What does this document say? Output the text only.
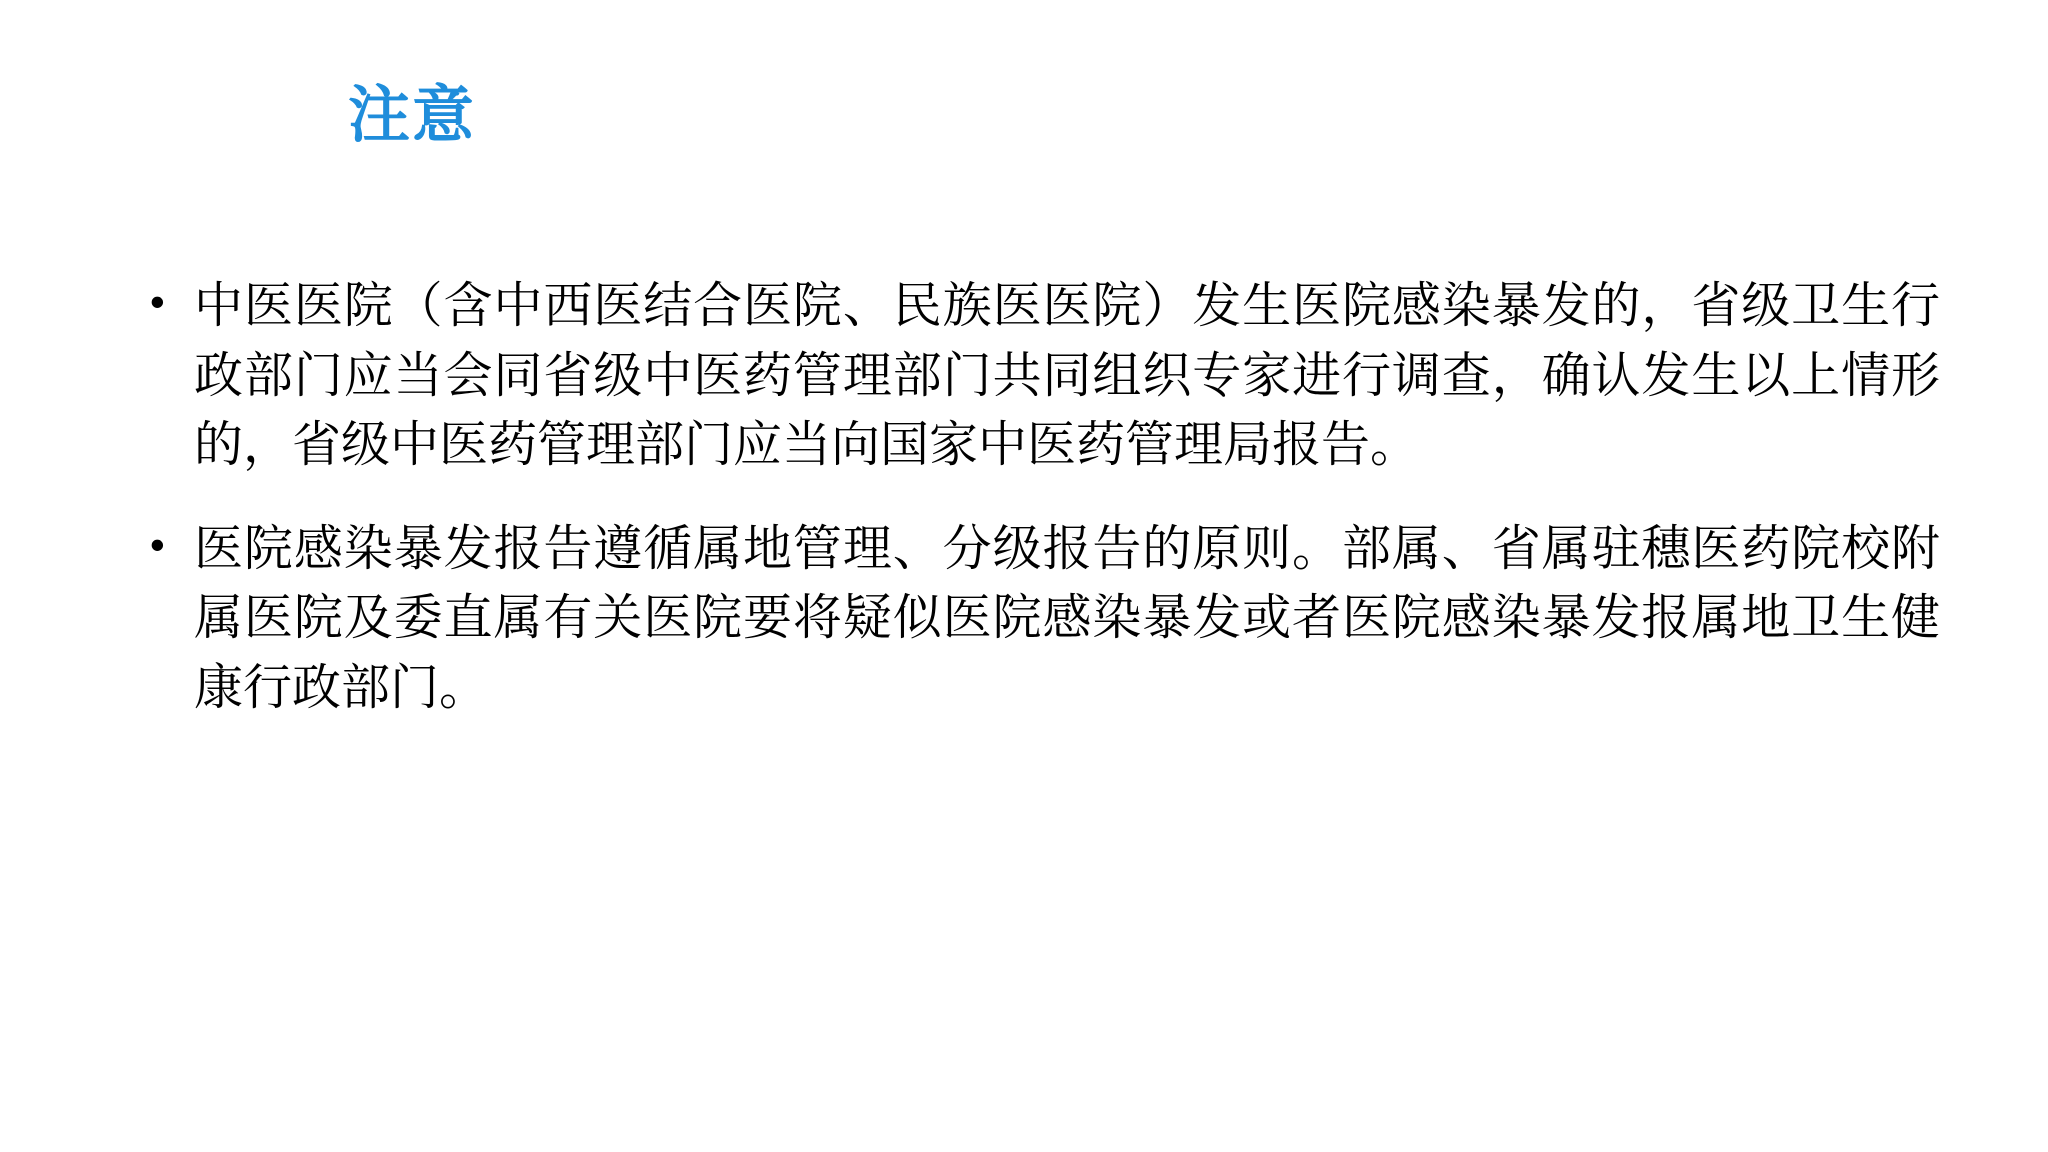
注意
• 中医医院（含中西医结合医院、民族医医院）发生医院感染暴发的，省级卫生行政部门应当会同省级中医药管理部门共同组织专家进行调查，确认发生以上情形的，省级中医药管理部门应当向国家中医药管理局报告。
• 医院感染暴发报告遵循属地管理、分级报告的原则。部属、省属驻穗医药院校附属医院及委直属有关医院要将疑似医院感染暴发或者医院感染暴发报属地卫生健康行政部门。
